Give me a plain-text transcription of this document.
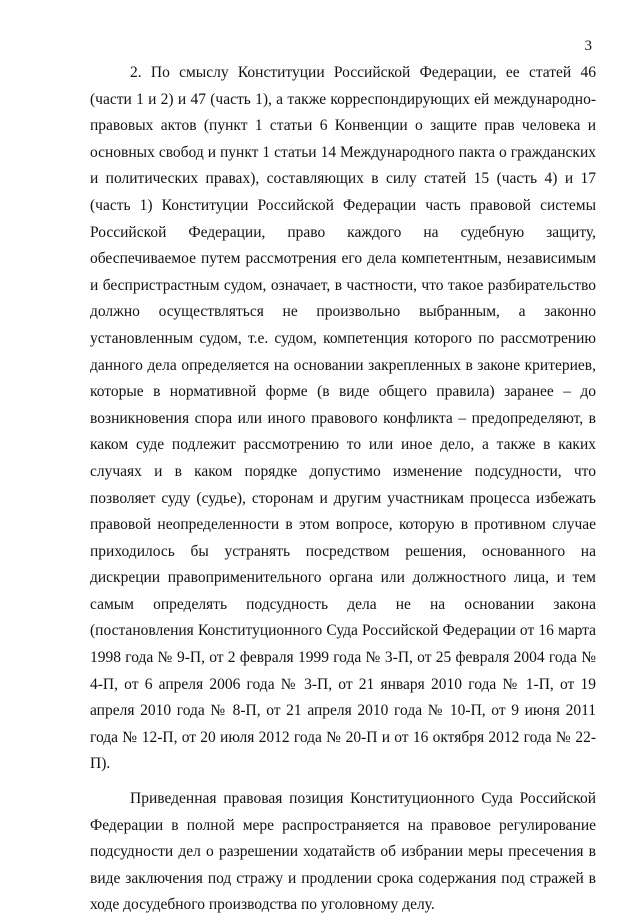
3

2. По смыслу Конституции Российской Федерации, ее статей 46 (части 1 и 2) и 47 (часть 1), а также корреспондирующих ей международно-правовых актов (пункт 1 статьи 6 Конвенции о защите прав человека и основных свобод и пункт 1 статьи 14 Международного пакта о гражданских и политических правах), составляющих в силу статей 15 (часть 4) и 17 (часть 1) Конституции Российской Федерации часть правовой системы Российской Федерации, право каждого на судебную защиту, обеспечиваемое путем рассмотрения его дела компетентным, независимым и беспристрастным судом, означает, в частности, что такое разбирательство должно осуществляться не произвольно выбранным, а законно установленным судом, т.е. судом, компетенция которого по рассмотрению данного дела определяется на основании закрепленных в законе критериев, которые в нормативной форме (в виде общего правила) заранее – до возникновения спора или иного правового конфликта – предопределяют, в каком суде подлежит рассмотрению то или иное дело, а также в каких случаях и в каком порядке допустимо изменение подсудности, что позволяет суду (судье), сторонам и другим участникам процесса избежать правовой неопределенности в этом вопросе, которую в противном случае приходилось бы устранять посредством решения, основанного на дискреции правоприменительного органа или должностного лица, и тем самым определять подсудность дела не на основании закона (постановления Конституционного Суда Российской Федерации от 16 марта 1998 года № 9-П, от 2 февраля 1999 года № 3-П, от 25 февраля 2004 года № 4-П, от 6 апреля 2006 года № 3-П, от 21 января 2010 года № 1-П, от 19 апреля 2010 года № 8-П, от 21 апреля 2010 года № 10-П, от 9 июня 2011 года № 12-П, от 20 июля 2012 года № 20-П и от 16 октября 2012 года № 22-П).

Приведенная правовая позиция Конституционного Суда Российской Федерации в полной мере распространяется на правовое регулирование подсудности дел о разрешении ходатайств об избрании меры пресечения в виде заключения под стражу и продлении срока содержания под стражей в ходе досудебного производства по уголовному делу.
